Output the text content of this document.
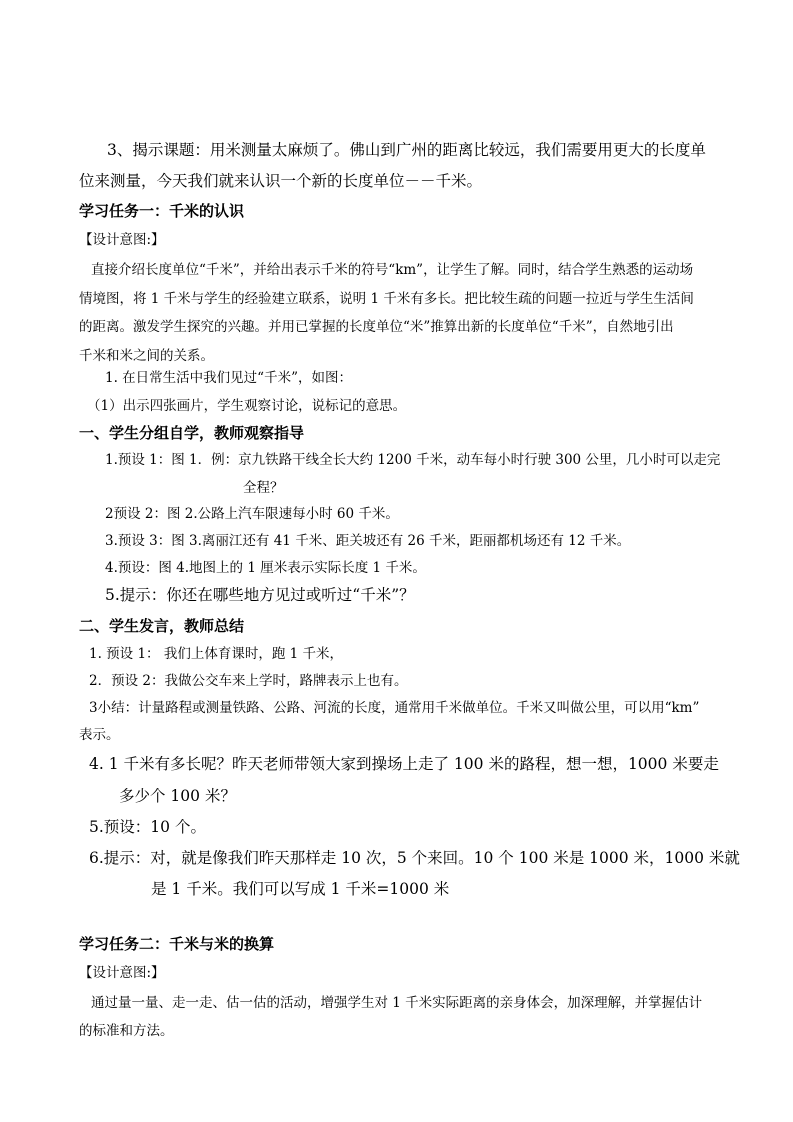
3、揭示课题：用米测量太麻烦了。佛山到广州的距离比较远，我们需要用更大的长度单
位来测量，今天我们就来认识一个新的长度单位－－千米。
学习任务一：千米的认识
【设计意图:】
直接介绍长度单位“千米”，并给出表示千米的符号“km”，让学生了解。同时，结合学生熟悉的运动场
情境图，将 1 千米与学生的经验建立联系，说明 1 千米有多长。把比较生疏的问题一拉近与学生生活间
的距离。激发学生探究的兴趣。并用已掌握的长度单位“米”推算出新的长度单位“千米”，自然地引出
千米和米之间的关系。
1. 在日常生活中我们见过“千米”，如图：
（1）出示四张画片，学生观察讨论，说标记的意思。
一、学生分组自学，教师观察指导
1.预设 1：图 1．例：京九铁路干线全长大约 1200 千米，动车每小时行驶 300 公里，几小时可以走完
全程？
2预设 2：图 2.公路上汽车限速每小时 60 千米。
3.预设 3：图 3.离丽江还有 41 千米、距关坡还有 26 千米，距丽都机场还有 12 千米。
4.预设：图 4.地图上的 1 厘米表示实际长度 1 千米。
5.提示：你还在哪些地方见过或听过“千米”？
二、学生发言，教师总结
1. 预设 1： 我们上体育课时，跑 1 千米，
2．预设 2：我做公交车来上学时，路牌表示上也有。
3小结：计量路程或测量铁路、公路、河流的长度，通常用千米做单位。千米又叫做公里，可以用“km”
表示。
4. 1 千米有多长呢？昨天老师带领大家到操场上走了 100 米的路程，想一想，1000 米要走
多少个 100 米？
5.预设：10 个。
6.提示：对，就是像我们昨天那样走 10 次，5 个来回。10 个 100 米是 1000 米，1000 米就
是 1 千米。我们可以写成 1 千米=1000 米
学习任务二：千米与米的换算
【设计意图:】
通过量一量、走一走、估一估的活动，增强学生对 1 千米实际距离的亲身体会，加深理解，并掌握估计
的标准和方法。
